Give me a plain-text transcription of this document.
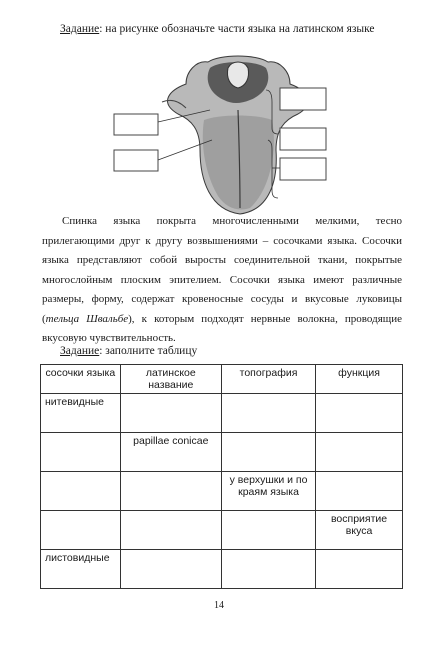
Задание: на рисунке обозначьте части языка на латинском языке

Спинка языка покрыта многочисленными мелкими, тесно прилегающими друг к другу возвышениями – сосочками языка. Сосочки языка представляют собой выросты соединительной ткани, покрытые многослойным плоским эпителием. Сосочки языка имеют различные размеры, форму, содержат кровеносные сосуды и вкусовые луковицы (тельца Швальбе), к которым подходят нервные волокна, проводящие вкусовую чувствительность.

Задание: заполните таблицу
сосочки языка	латинское название	топография	функция
нитевидные			
	papillae conicae		
		у верхушки и по краям языка	
			восприятие вкуса
листовидные			
14
